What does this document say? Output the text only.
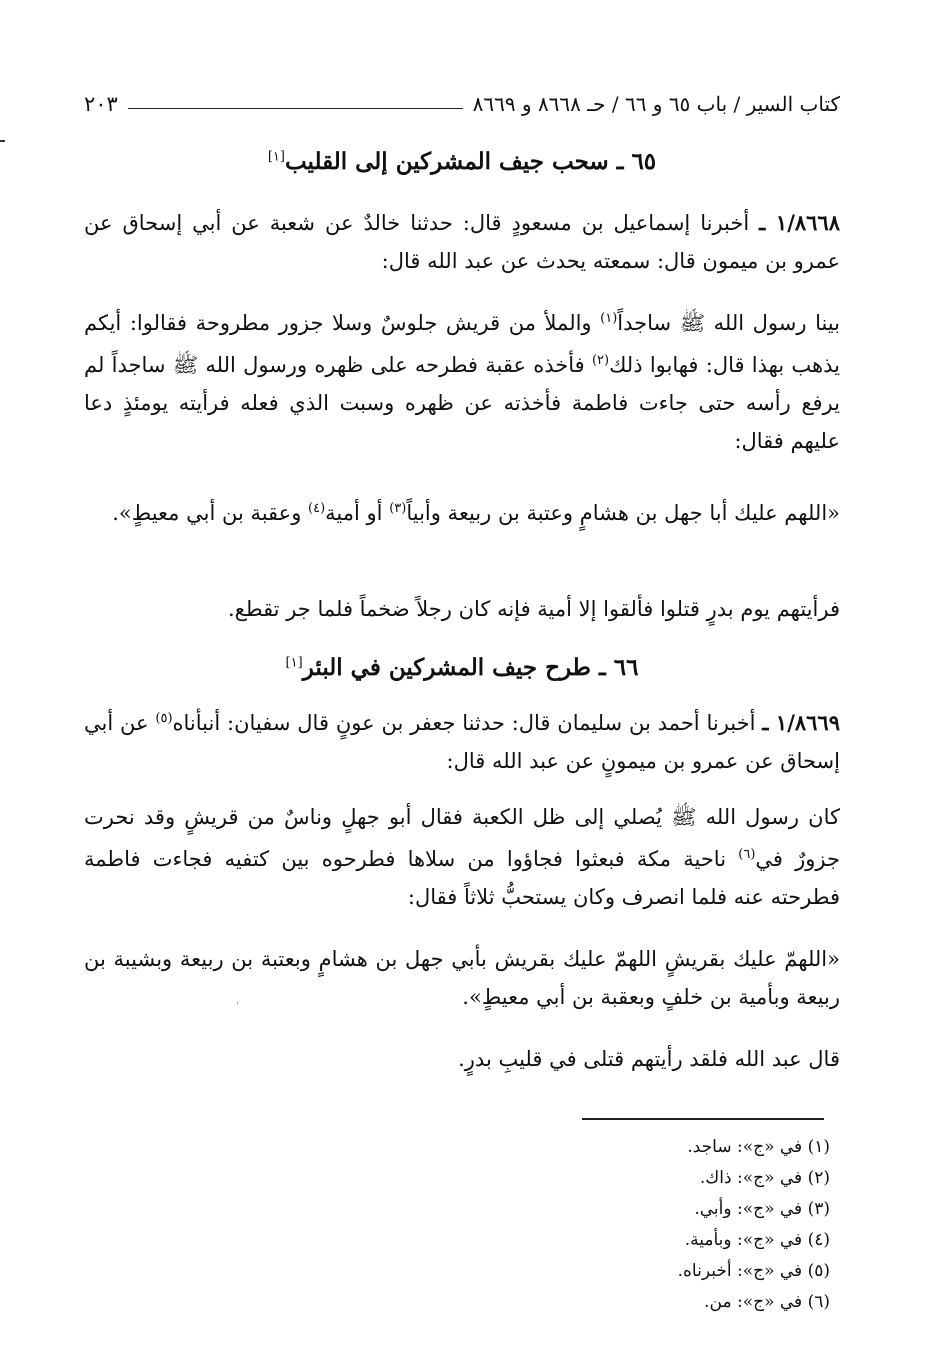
كتاب السير / باب ٦٥ و ٦٦ / حـ ٨٦٦٨ و ٨٦٦٩
٢٠٣
٦٥ ـ سحب جيف المشركين إلى القليب[١]
١/٨٦٦٨ ـ أخبرنا إسماعيل بن مسعودٍ قال: حدثنا خالدٌ عن شعبة عن أبي إسحاق عن عمرو بن ميمون قال: سمعته يحدث عن عبد الله قال:
بينا رسول الله ﷺ ساجداً$^{(١)}$ والملأ من قريش جلوسٌ وسلا جزور مطروحة فقالوا: أيكم يذهب بهذا قال: فهابوا ذلك$^{(٢)}$ فأخذه عقبة فطرحه على ظهره ورسول الله ﷺ ساجداً لم يرفع رأسه حتى جاءت فاطمة فأخذته عن ظهره وسبت الذي فعله فرأيته يومئذٍ دعا عليهم فقال:
«اللهم عليك أبا جهل بن هشامٍ وعتبة بن ربيعة وأبياً$^{(٣)}$ أو أمية$^{(٤)}$ وعقبة بن أبي معيطٍ».
فرأيتهم يوم بدرٍ قتلوا فألقوا إلا أمية فإنه كان رجلاً ضخماً فلما جر تقطع.
٦٦ ـ طرح جيف المشركين في البئر[١]
١/٨٦٦٩ ـ أخبرنا أحمد بن سليمان قال: حدثنا جعفر بن عونٍ قال سفيان: أنبأناه$^{(٥)}$ عن أبي إسحاق عن عمرو بن ميمونٍ عن عبد الله قال:
كان رسول الله ﷺ يُصلي إلى ظل الكعبة فقال أبو جهلٍ وناسٌ من قريشٍ وقد نحرت جزورٌ في$^{(٦)}$ ناحية مكة فبعثوا فجاؤوا من سلاها فطرحوه بين كتفيه فجاءت فاطمة فطرحته عنه فلما انصرف وكان يستحبُّ ثلاثاً فقال:
«اللهمّ عليك بقريشٍ اللهمّ عليك بقريش بأبي جهل بن هشامٍ وبعتبة بن ربيعة وبشيبة بن ربيعة وبأمية بن خلفٍ وبعقبة بن أبي معيطٍ».
ˌ
قال عبد الله فلقد رأيتهم قتلى في قليبِ بدرٍ.
(١) في «ج»: ساجد.
(٢) في «ج»: ذاك.
(٣) في «ج»: وأبي.
(٤) في «ج»: وبأمية.
(٥) في «ج»: أخبرناه.
(٦) في «ج»: من.
